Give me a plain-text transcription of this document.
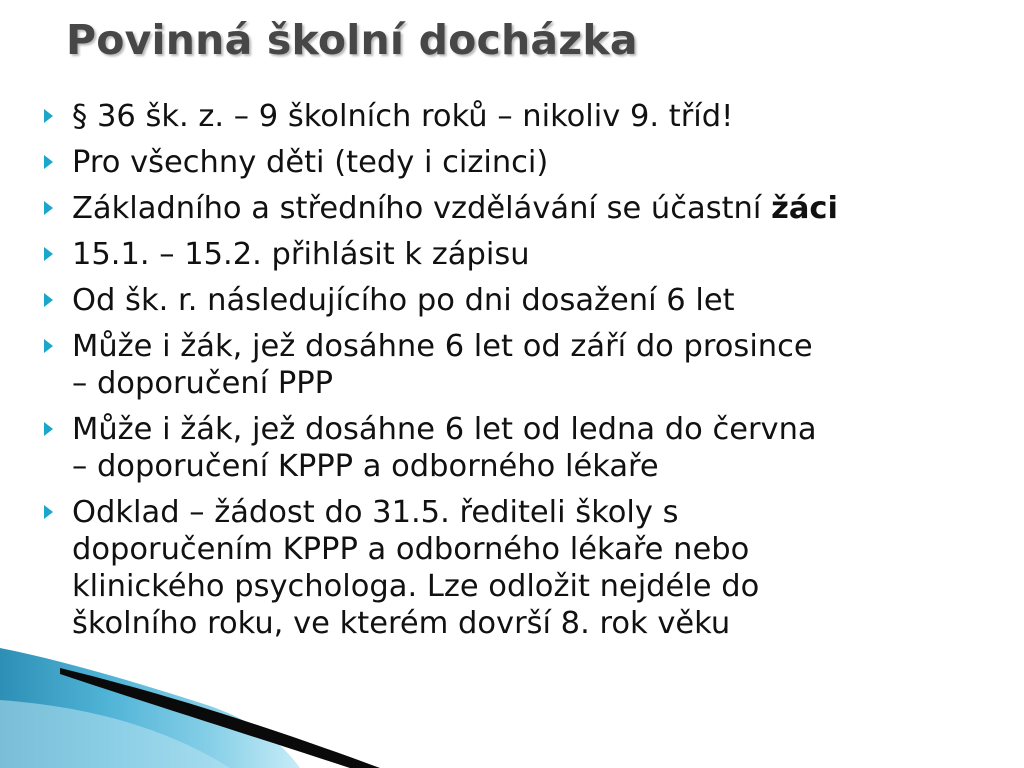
Povinná školní docházka
§ 36 šk. z. – 9 školních roků – nikoliv 9. tříd!
Pro všechny děti (tedy i cizinci)
Základního a středního vzdělávání se účastní žáci
15.1. – 15.2. přihlásit k zápisu
Od šk. r. následujícího po dni dosažení 6 let
Může i žák, jež dosáhne 6 let od září do prosince
– doporučení PPP
Může i žák, jež dosáhne 6 let od ledna do června
– doporučení KPPP a odborného lékaře
Odklad – žádost do 31.5. řediteli školy s
doporučením KPPP a odborného lékaře nebo
klinického psychologa. Lze odložit nejdéle do
školního roku, ve kterém dovrší 8. rok věku
